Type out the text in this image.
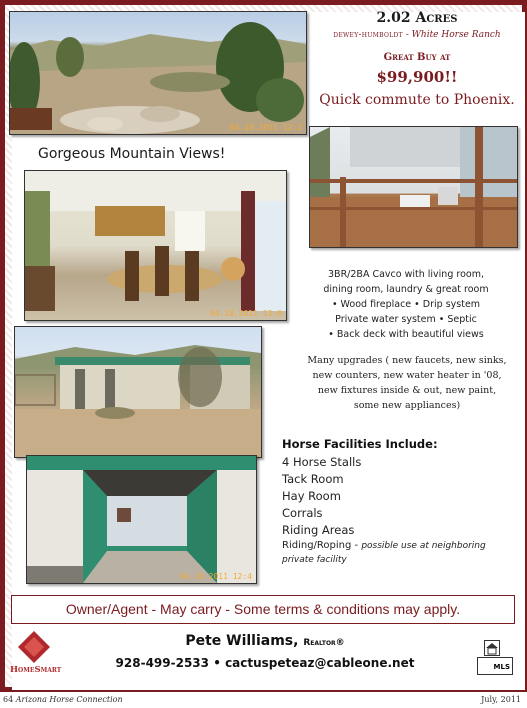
04.18.2011 12:2
2.02 Acres
dewey-humboldt - White Horse Ranch
Great Buy at
$99,900!!
Quick commute to Phoenix.
Gorgeous Mountain Views!
04.18.2011 13:0
3BR/2BA Cavco with living room,
dining room, laundry & great room
• Wood fireplace • Drip system
Private water system • Septic
• Back deck with beautiful views
Many upgrades ( new faucets, new sinks,
new counters, new water heater in '08,
new fixtures inside & out, new paint,
some new appliances)
04.18.2011 12:4
Horse Facilities Include:
4 Horse Stalls
Tack Room
Hay Room
Corrals
Riding Areas
Riding/Roping - possible use at neighboring
private facility
Owner/Agent - May carry - Some terms & conditions may apply.
HomeSmart
Pete Williams, Realtor®
928-499-2533 • cactuspeteaz@cableone.net	MLS
64 Arizona Horse Connection	July, 2011
